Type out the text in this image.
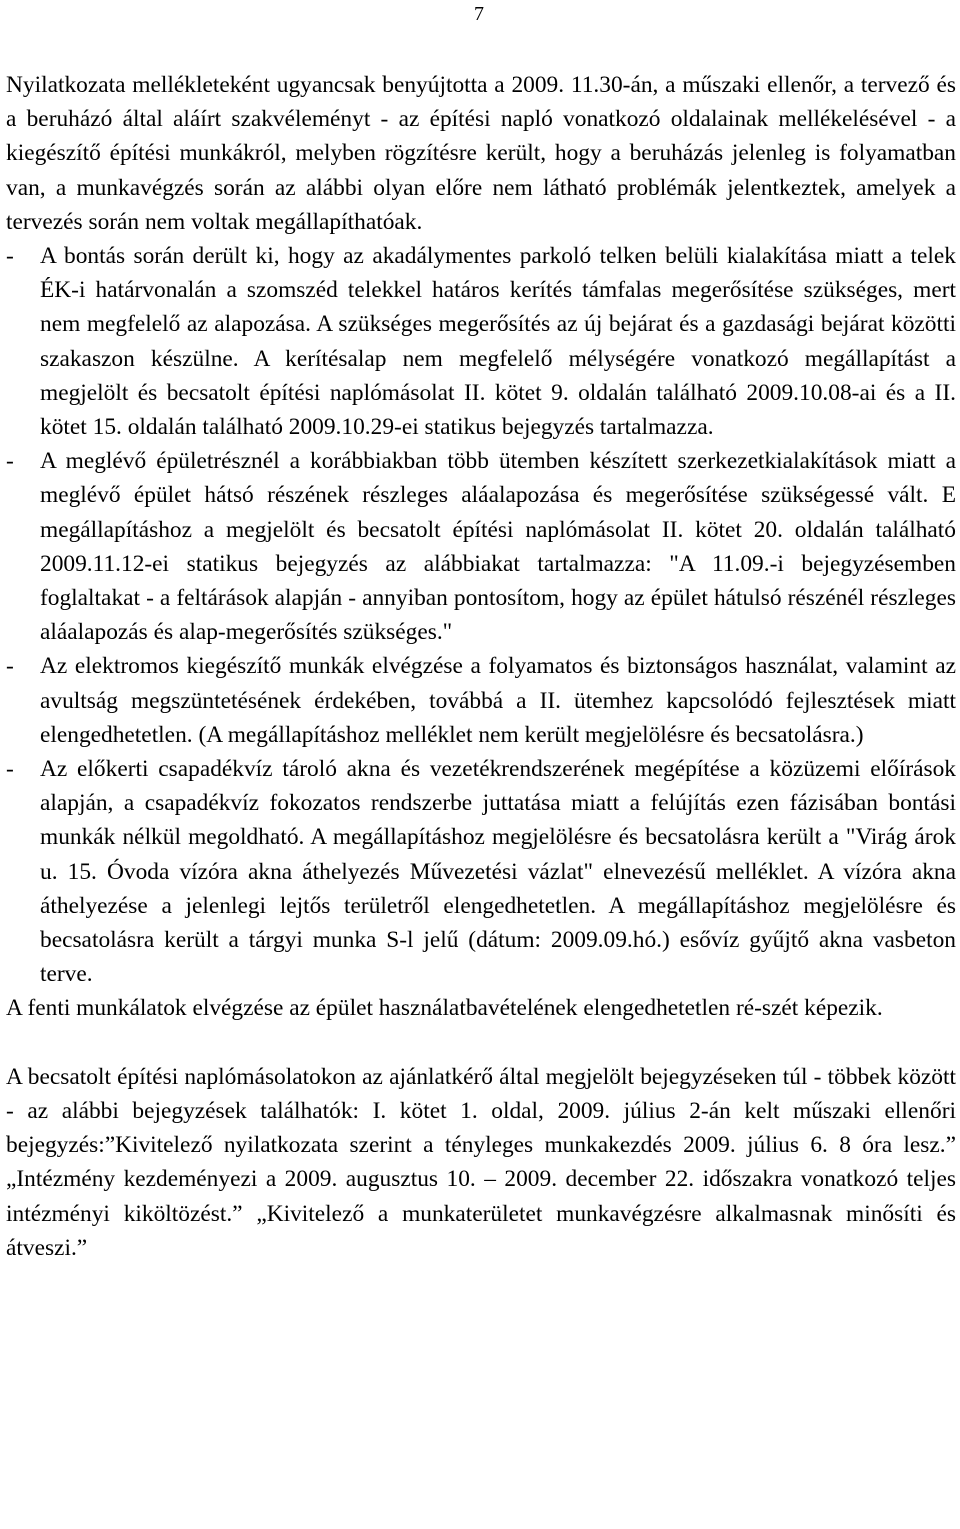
7

Nyilatkozata mellékleteként ugyancsak benyújtotta a 2009. 11.30-án, a műszaki ellenőr, a tervező és a beruházó által aláírt szakvéleményt - az építési napló vonatkozó oldalainak mellékelésével - a kiegészítő építési munkákról, melyben rögzítésre került, hogy a beruházás jelenleg is folyamatban van, a munkavégzés során az alábbi olyan előre nem látható problémák jelentkeztek, amelyek a tervezés során nem voltak megállapíthatóak.

- A bontás során derült ki, hogy az akadálymentes parkoló telken belüli kialakítása miatt a telek ÉK-i határvonalán a szomszéd telekkel határos kerítés támfalas megerősítése szükséges, mert nem megfelelő az alapozása. A szükséges megerősítés az új bejárat és a gazdasági bejárat közötti szakaszon készülne. A kerítésalap nem megfelelő mélységére vonatkozó megállapítást a megjelölt és becsatolt építési naplómásolat II. kötet 9. oldalán található 2009.10.08-ai és a II. kötet 15. oldalán található 2009.10.29-ei statikus bejegyzés tartalmazza.
- A meglévő épületrésznél a korábbiakban több ütemben készített szerkezetkialakítások miatt a meglévő épület hátsó részének részleges aláalapozása és megerősítése szükségessé vált. E megállapításhoz a megjelölt és becsatolt építési naplómásolat II. kötet 20. oldalán található 2009.11.12-ei statikus bejegyzés az alábbiakat tartalmazza: "A 11.09.-i bejegyzésemben foglaltakat - a feltárások alapján - annyiban pontosítom, hogy az épület hátulsó részénél részleges aláalapozás és alap-megerősítés szükséges."
- Az elektromos kiegészítő munkák elvégzése a folyamatos és biztonságos használat, valamint az avultság megszüntetésének érdekében, továbbá a II. ütemhez kapcsolódó fejlesztések miatt elengedhetetlen. (A megállapításhoz melléklet nem került megjelölésre és becsatolásra.)
- Az előkerti csapadékvíz tároló akna és vezetékrendszerének megépítése a közüzemi előírások alapján, a csapadékvíz fokozatos rendszerbe juttatása miatt a felújítás ezen fázisában bontási munkák nélkül megoldható. A megállapításhoz megjelölésre és becsatolásra került a "Virág árok u. 15. Óvoda vízóra akna áthelyezés Művezetési vázlat" elnevezésű melléklet. A vízóra akna áthelyezése a jelenlegi lejtős területről elengedhetetlen. A megállapításhoz megjelölésre és becsatolásra került a tárgyi munka S-l jelű (dátum: 2009.09.hó.) esővíz gyűjtő akna vasbeton terve.

A fenti munkálatok elvégzése az épület használatbavételének elengedhetetlen ré-szét képezik.

A becsatolt építési naplómásolatokon az ajánlatkérő által megjelölt bejegyzéseken túl - többek között - az alábbi bejegyzések találhatók: I. kötet 1. oldal, 2009. július 2-án kelt műszaki ellenőri bejegyzés:”Kivitelező nyilatkozata szerint a tényleges munkakezdés 2009. július 6. 8 óra lesz.” „Intézmény kezdeményezi a 2009. augusztus 10. – 2009. december 22. időszakra vonatkozó teljes intézményi kiköltözést.” „Kivitelező a munkaterületet munkavégzésre alkalmasnak minősíti és átveszi.”
